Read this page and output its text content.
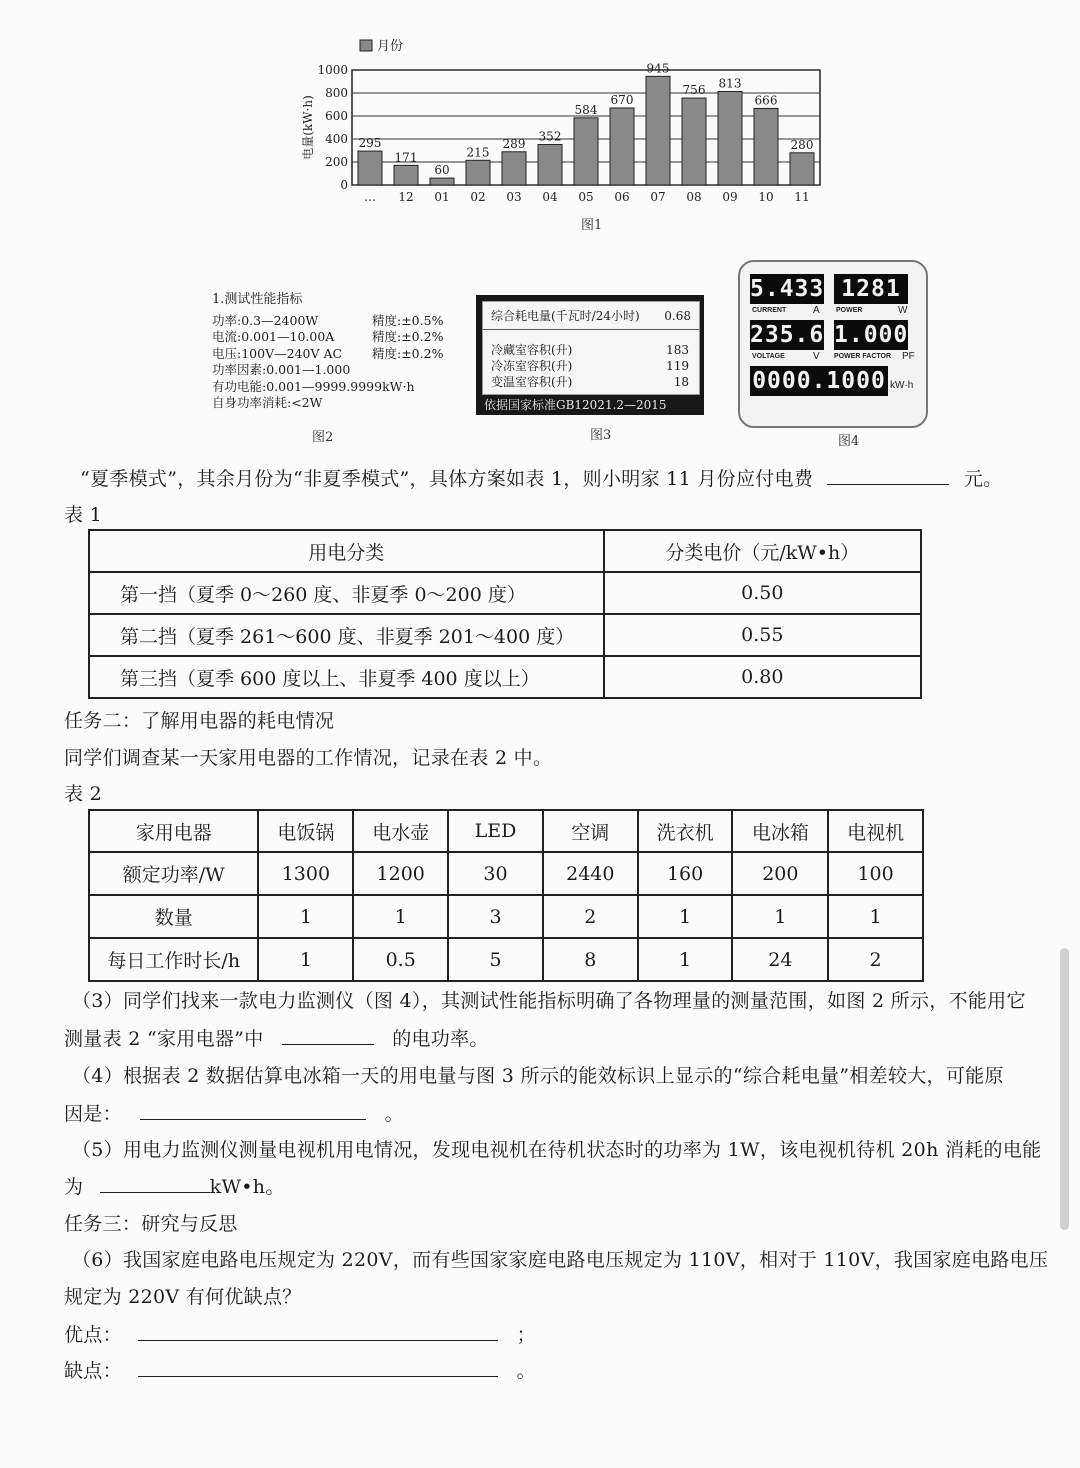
月份
0
200
400
600
800
1000
电量(kW·h)	295
…
171
12
60
01
215
02
289
03
352
04
584
05
670
06
945
07
756
08
813
09
666
10
280
11
图1
1.测试性能指标
功率:0.3—2400W	精度:±0.5%
电流:0.001—10.00A	精度:±0.2%
电压:100V—240V AC 精度:±0.2%
功率因素:0.001—1.000
有功电能:0.001—9999.9999kW·h
自身功率消耗:<2W
图2
综合耗电量(千瓦时/24小时) 0.68
冷藏室容积(升)	183
冷冻室容积(升)	119
变温室容积(升)	18
依据国家标准GB12021.2—2015
图3
5.433
CURRENT	A
1281
POWER	W
235.6
VOLTAGE	V
1.000
POWER FACTOR PF
0000.1000 kW·h
图4
“夏季模式”，其余月份为“非夏季模式”，具体方案如表 1，则小明家 11 月份应付电费	元。
表 1
用电分类	分类电价（元/kW•h）
第一挡（夏季 0～260 度、非夏季 0～200 度）	0.50
第二挡（夏季 261～600 度、非夏季 201～400 度）	0.55
第三挡（夏季 600 度以上、非夏季 400 度以上）	0.80
任务二：了解用电器的耗电情况
同学们调查某一天家用电器的工作情况，记录在表 2 中。
表 2
家用电器	电饭锅	电水壶	LED	空调	洗衣机	电冰箱	电视机
额定功率/W	1300	1200	30	2440	160	200	100
数量	1	1	3	2	1	1	1
每日工作时长/h	1	0.5	5	8	1	24	2
（3）同学们找来一款电力监测仪（图 4），其测试性能指标明确了各物理量的测量范围，如图 2 所示，不能用它
测量表 2 “家用电器”中	的电功率。
（4）根据表 2 数据估算电冰箱一天的用电量与图 3 所示的能效标识上显示的“综合耗电量”相差较大，可能原
因是：	。
（5）用电力监测仪测量电视机用电情况，发现电视机在待机状态时的功率为 1W，该电视机待机 20h 消耗的电能
为	kW•h。
任务三：研究与反思
（6）我国家庭电路电压规定为 220V，而有些国家家庭电路电压规定为 110V，相对于 110V，我国家庭电路电压
规定为 220V 有何优缺点？
优点：	；
缺点：	。
